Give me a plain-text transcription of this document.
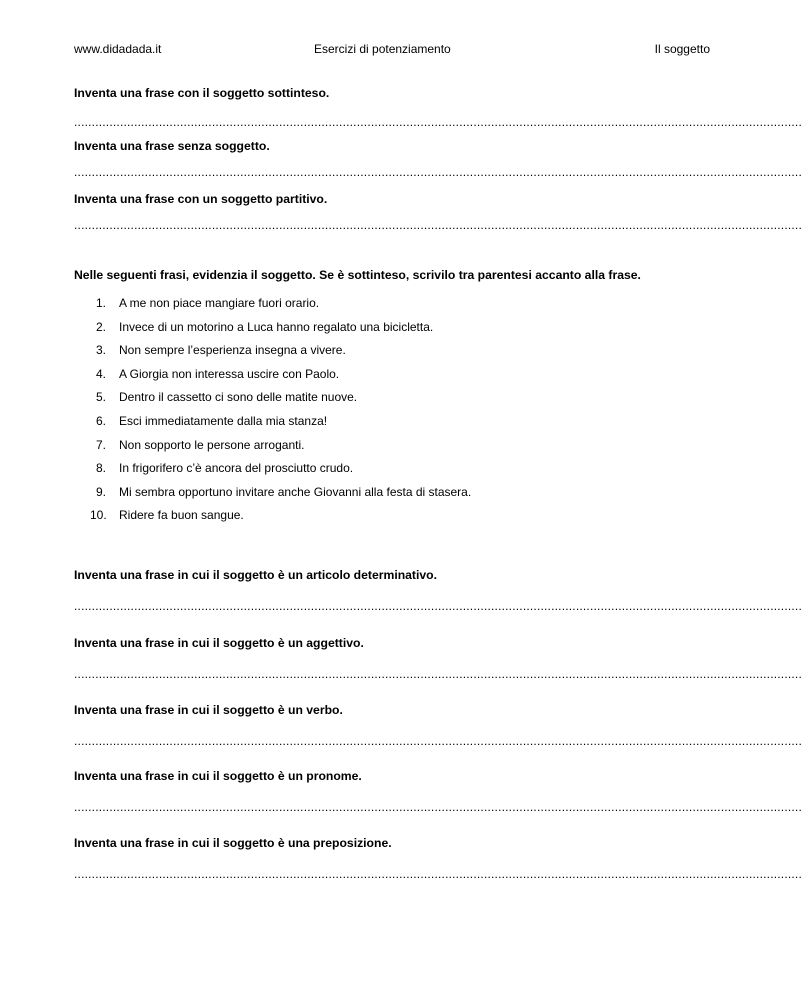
www.didadada.it	Esercizi di potenziamento	Il soggetto
Inventa una frase con il soggetto sottinteso.
..............................................................................................................................................................................................................
Inventa una frase senza soggetto.
..............................................................................................................................................................................................................
Inventa una frase con un soggetto partitivo.
..............................................................................................................................................................................................................
Nelle seguenti frasi, evidenzia il soggetto. Se è sottinteso, scrivilo tra parentesi accanto alla frase.
1.	A me non piace mangiare fuori orario.
2.	Invece di un motorino a Luca hanno regalato una bicicletta.
3.	Non sempre l’esperienza insegna a vivere.
4.	A Giorgia non interessa uscire con Paolo.
5.	Dentro il cassetto ci sono delle matite nuove.
6.	Esci immediatamente dalla mia stanza!
7.	Non sopporto le persone arroganti.
8.	In frigorifero c’è ancora del prosciutto crudo.
9.	Mi sembra opportuno invitare anche Giovanni alla festa di stasera.
10.	Ridere fa buon sangue.
Inventa una frase in cui il soggetto è un articolo determinativo.
..............................................................................................................................................................................................................
Inventa una frase in cui il soggetto è un aggettivo.
..............................................................................................................................................................................................................
Inventa una frase in cui il soggetto è un verbo.
..............................................................................................................................................................................................................
Inventa una frase in cui il soggetto è un pronome.
..............................................................................................................................................................................................................
Inventa una frase in cui il soggetto è una preposizione.
..............................................................................................................................................................................................................
